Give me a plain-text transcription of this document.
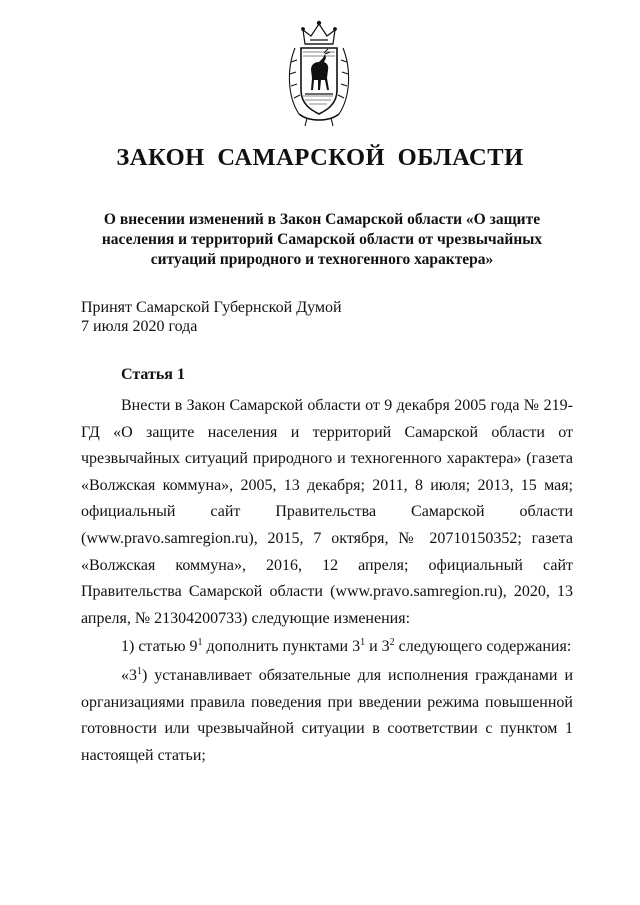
ЗАКОН САМАРСКОЙ ОБЛАСТИ
О внесении изменений в Закон Самарской области «О защите населения и территорий Самарской области от чрезвычайных ситуаций природного и техногенного характера»
Принят Самарской Губернской Думой
7 июля 2020 года
Статья 1

Внести в Закон Самарской области от 9 декабря 2005 года № 219-ГД «О защите населения и территорий Самарской области от чрезвычайных ситуаций природного и техногенного характера» (газета «Волжская коммуна», 2005, 13 декабря; 2011, 8 июля; 2013, 15 мая; официальный сайт Правительства Самарской области (www.pravo.samregion.ru), 2015, 7 октября, № 20710150352; газета «Волжская коммуна», 2016, 12 апреля; официальный сайт Правительства Самарской области (www.pravo.samregion.ru), 2020, 13 апреля, № 21304200733) следующие изменения:

1) статью $9^1$ дополнить пунктами $3^1$ и $3^2$ следующего содержания:

«$3^1$) устанавливает обязательные для исполнения гражданами и организациями правила поведения при введении режима повышенной готовности или чрезвычайной ситуации в соответствии с пунктом 1 настоящей статьи;
